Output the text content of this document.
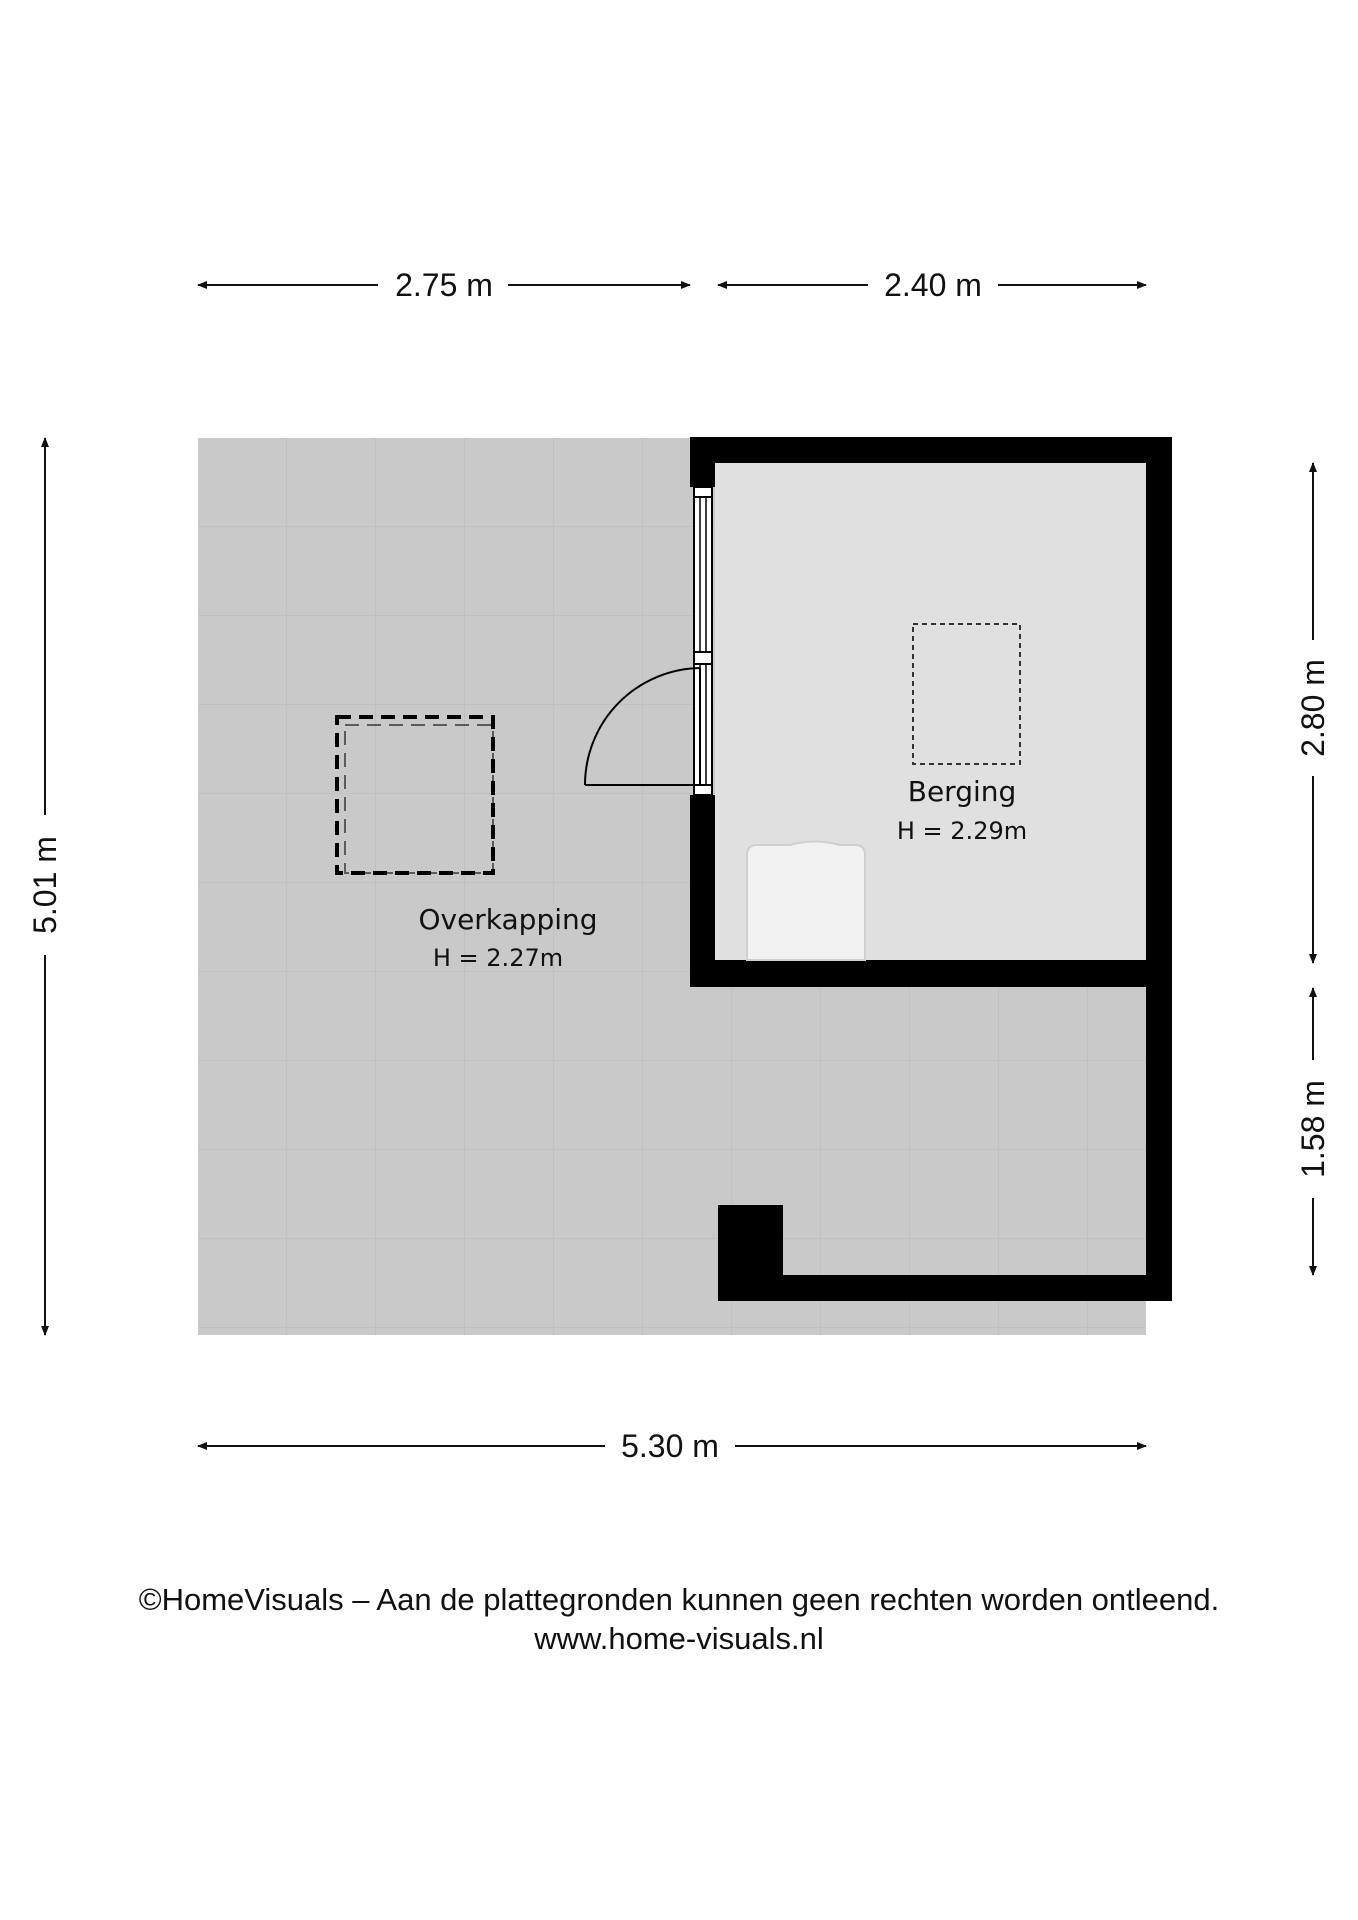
Berging
H = 2.29m
Overkapping
H = 2.27m
2.75 m	2.40 m
5.01 m
2.80 m
1.58 m
5.30 m
©HomeVisuals – Aan de plattegronden kunnen geen rechten worden ontleend.
www.home-visuals.nl
